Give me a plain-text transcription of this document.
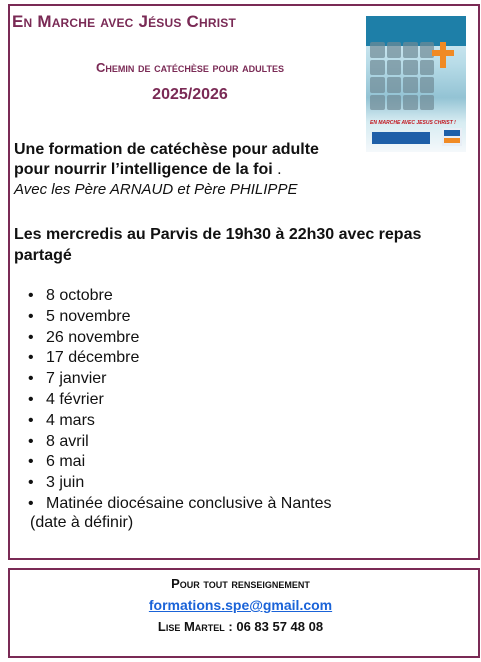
En Marche avec Jésus Christ
Chemin de catéchèse pour adultes
2025/2026
EN MARCHE AVEC JESUS CHRIST !
Une formation de catéchèse pour adulte
pour nourrir l’intelligence de la foi .
Avec les Père ARNAUD et Père PHILIPPE
Les mercredis au Parvis de 19h30 à 22h30 avec repas partagé
• 8 octobre
• 5 novembre
• 26 novembre
• 17 décembre
• 7 janvier
• 4 février
• 4 mars
• 8 avril
• 6 mai
• 3 juin
• Matinée diocésaine conclusive à Nantes
(date à définir)
Pour tout renseignement
formations.spe@gmail.com
Lise Martel : 06 83 57 48 08
